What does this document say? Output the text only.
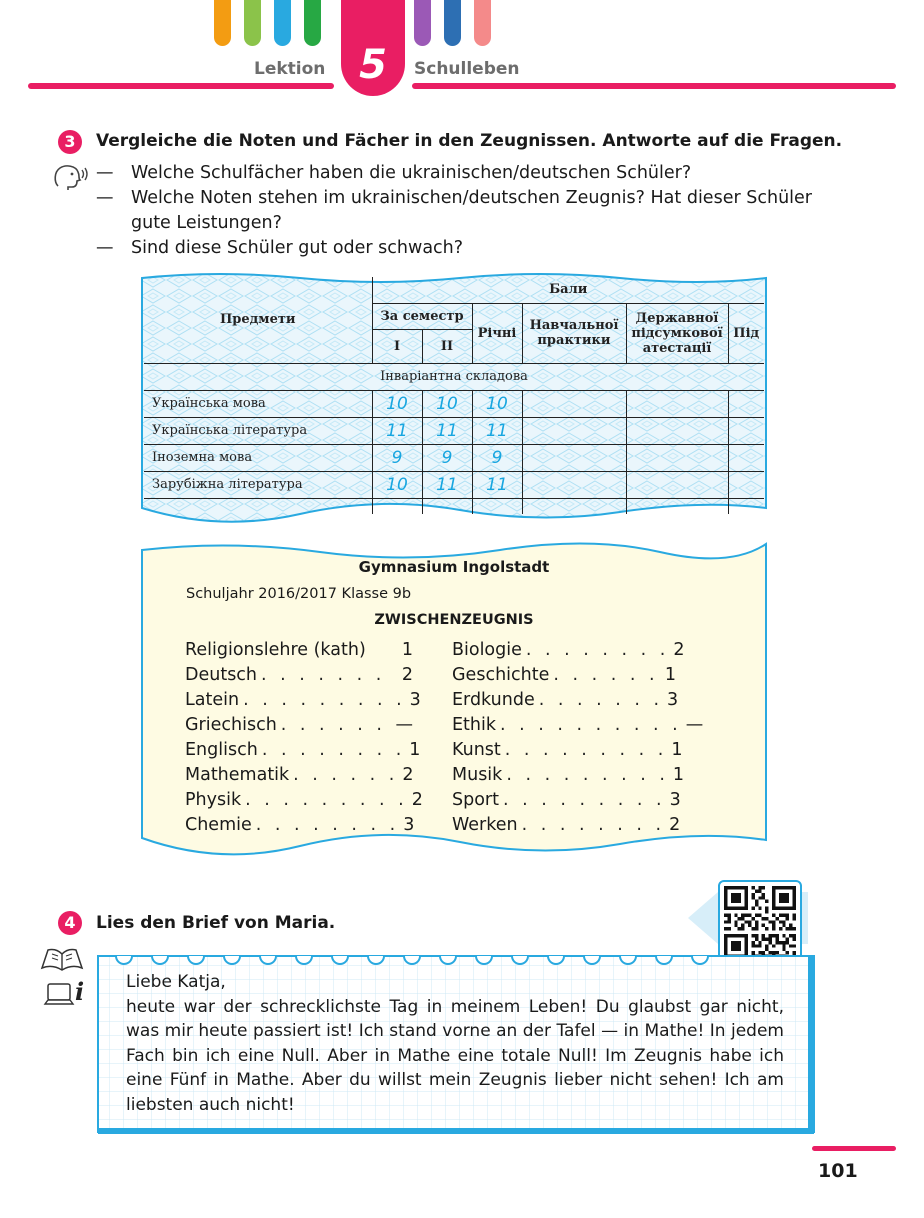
Lektion 5	Schulleben
3	Vergleiche die Noten und Fächer in den Zeugnissen. Antworte auf die Fragen.
—	Welche Schulfächer haben die ukrainischen/deutschen Schüler?
—	Welche Noten stehen im ukrainischen/deutschen Zeugnis? Hat dieser Schüler gute Leistungen?
—	Sind diese Schüler gut oder schwach?
Предмети	Бали					
	За семестр		Річні	Навчальної практики	Державної підсумкової атестації	Під
	I	II				
Інваріантна складова						
Українська мова	10	10	10			
Українська література	11	11	11			
Іноземна мова	9	9	9			
Зарубіжна література	10	11	11			

Gymnasium Ingolstadt
Schuljahr 2016/2017 Klasse 9b
ZWISCHENZEUGNIS
Religionslehre (kath) 1
Deutsch . . . . . . . 2
Latein . . . . . . . . . 3
Griechisch . . . . . . —
Englisch . . . . . . . . 1
Mathematik . . . . . . 2
Physik . . . . . . . . . 2
Chemie . . . . . . . . 3
Biologie . . . . . . . . 2
Geschichte . . . . . . 1
Erdkunde . . . . . . . 3
Ethik . . . . . . . . . . —
Kunst . . . . . . . . . 1
Musik . . . . . . . . . 1
Sport . . . . . . . . . 3
Werken . . . . . . . . 2
4	Lies den Brief von Maria.
i Liebe Katja,
heute war der schrecklichste Tag in meinem Leben! Du glaubst gar nicht, was mir heute passiert ist! Ich stand vorne an der Tafel — in Mathe! In jedem Fach bin ich eine Null. Aber in Mathe eine totale Null! Im Zeugnis habe ich eine Fünf in Mathe. Aber du willst mein Zeugnis lieber nicht sehen! Ich am liebsten auch nicht!
101
